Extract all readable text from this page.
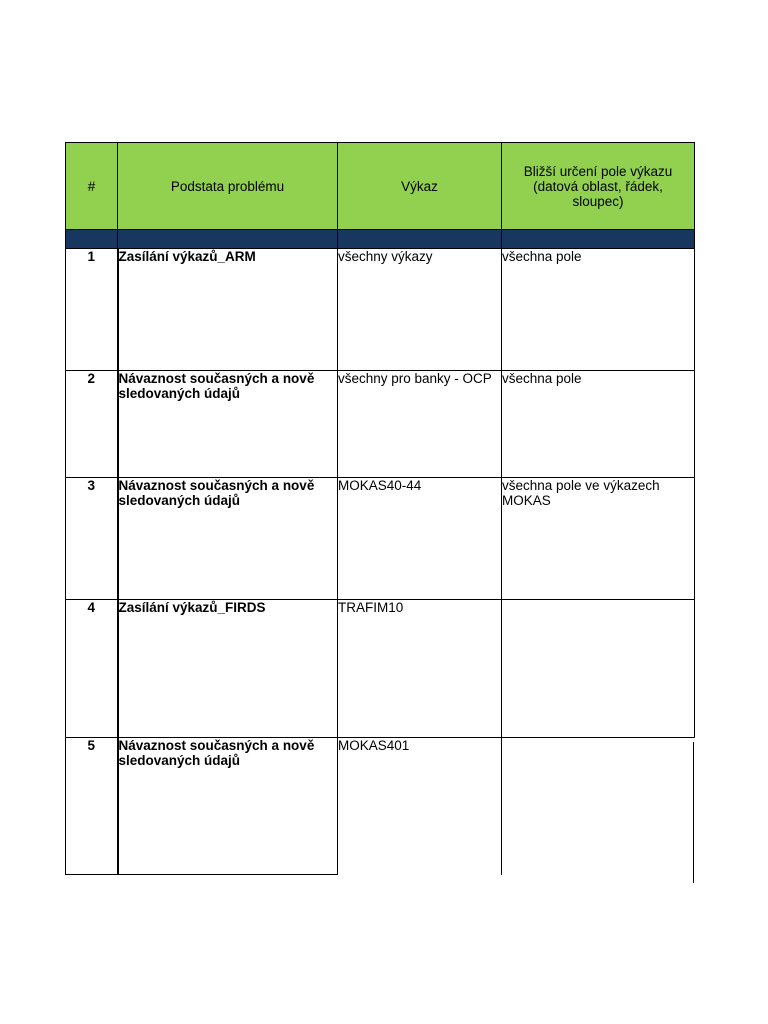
#	Podstata problému	Výkaz	Bližší určení pole výkazu (datová oblast, řádek, sloupec)

1	Zasílání výkazů_ARM	všechny výkazy	všechna pole
2	Návaznost současných a nově sledovaných údajů	všechny pro banky - OCP	všechna pole
3	Návaznost současných a nově sledovaných údajů	MOKAS40-44	všechna pole ve výkazech MOKAS
4	Zasílání výkazů_FIRDS	TRAFIM10	
5	Návaznost současných a nově sledovaných údajů	MOKAS401	
